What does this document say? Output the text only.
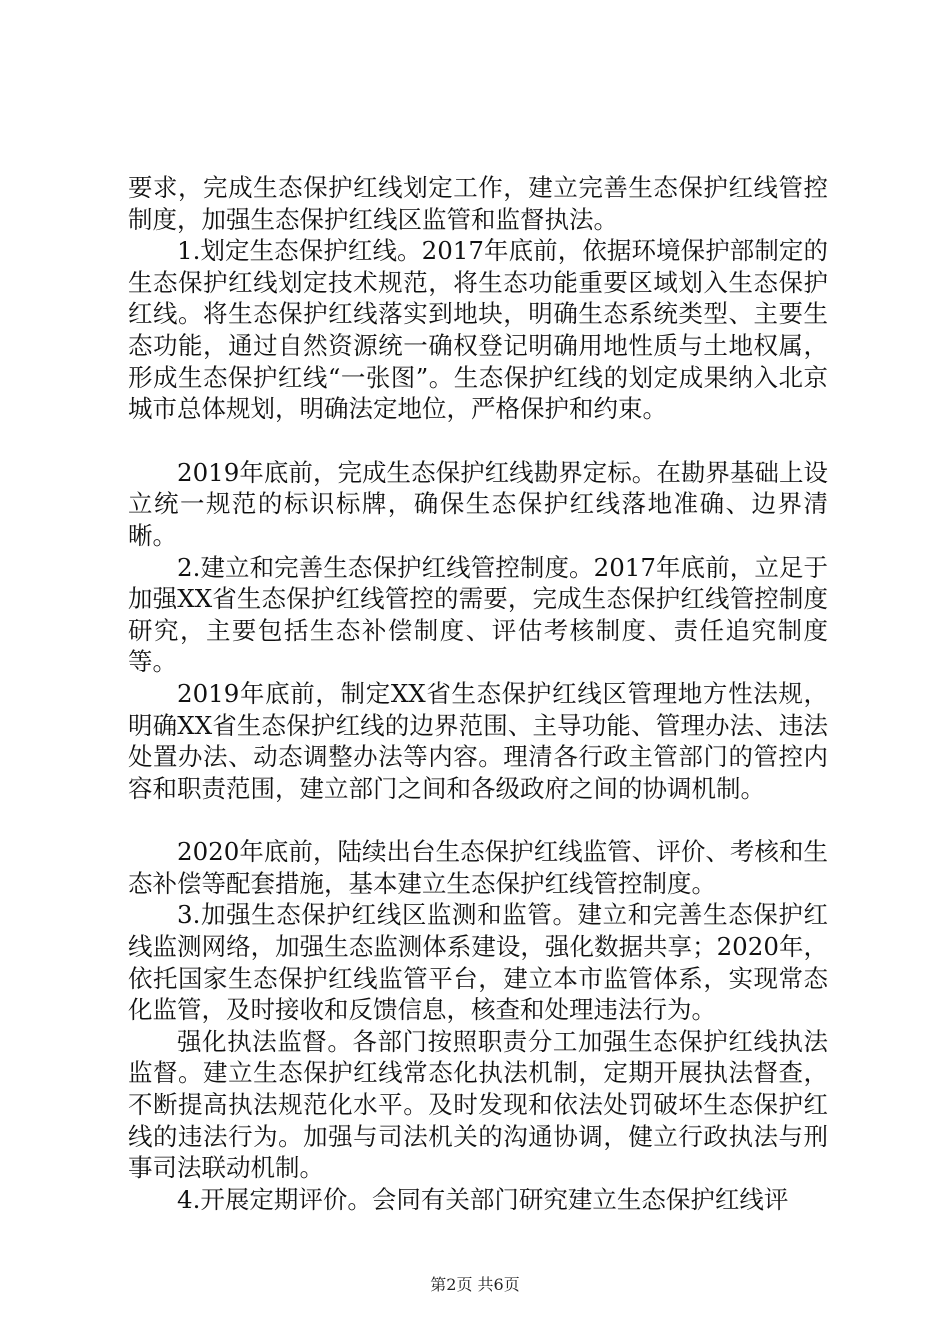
要求，完成生态保护红线划定工作，建立完善生态保护红线管控制度，加强生态保护红线区监管和监督执法。

1.划定生态保护红线。2017年底前，依据环境保护部制定的生态保护红线划定技术规范，将生态功能重要区域划入生态保护红线。将生态保护红线落实到地块，明确生态系统类型、主要生态功能，通过自然资源统一确权登记明确用地性质与土地权属，形成生态保护红线“一张图”。生态保护红线的划定成果纳入北京城市总体规划，明确法定地位，严格保护和约束。

2019年底前，完成生态保护红线勘界定标。在勘界基础上设立统一规范的标识标牌，确保生态保护红线落地准确、边界清晰。

2.建立和完善生态保护红线管控制度。2017年底前，立足于加强XX省生态保护红线管控的需要，完成生态保护红线管控制度研究，主要包括生态补偿制度、评估考核制度、责任追究制度等。

2019年底前，制定XX省生态保护红线区管理地方性法规，明确XX省生态保护红线的边界范围、主导功能、管理办法、违法处置办法、动态调整办法等内容。理清各行政主管部门的管控内容和职责范围，建立部门之间和各级政府之间的协调机制。

2020年底前，陆续出台生态保护红线监管、评价、考核和生态补偿等配套措施，基本建立生态保护红线管控制度。

3.加强生态保护红线区监测和监管。建立和完善生态保护红线监测网络，加强生态监测体系建设，强化数据共享；2020年，依托国家生态保护红线监管平台，建立本市监管体系，实现常态化监管，及时接收和反馈信息，核查和处理违法行为。

强化执法监督。各部门按照职责分工加强生态保护红线执法监督。建立生态保护红线常态化执法机制，定期开展执法督查，不断提高执法规范化水平。及时发现和依法处罚破坏生态保护红线的违法行为。加强与司法机关的沟通协调，健立行政执法与刑事司法联动机制。

4.开展定期评价。会同有关部门研究建立生态保护红线评

第2页 共6页
